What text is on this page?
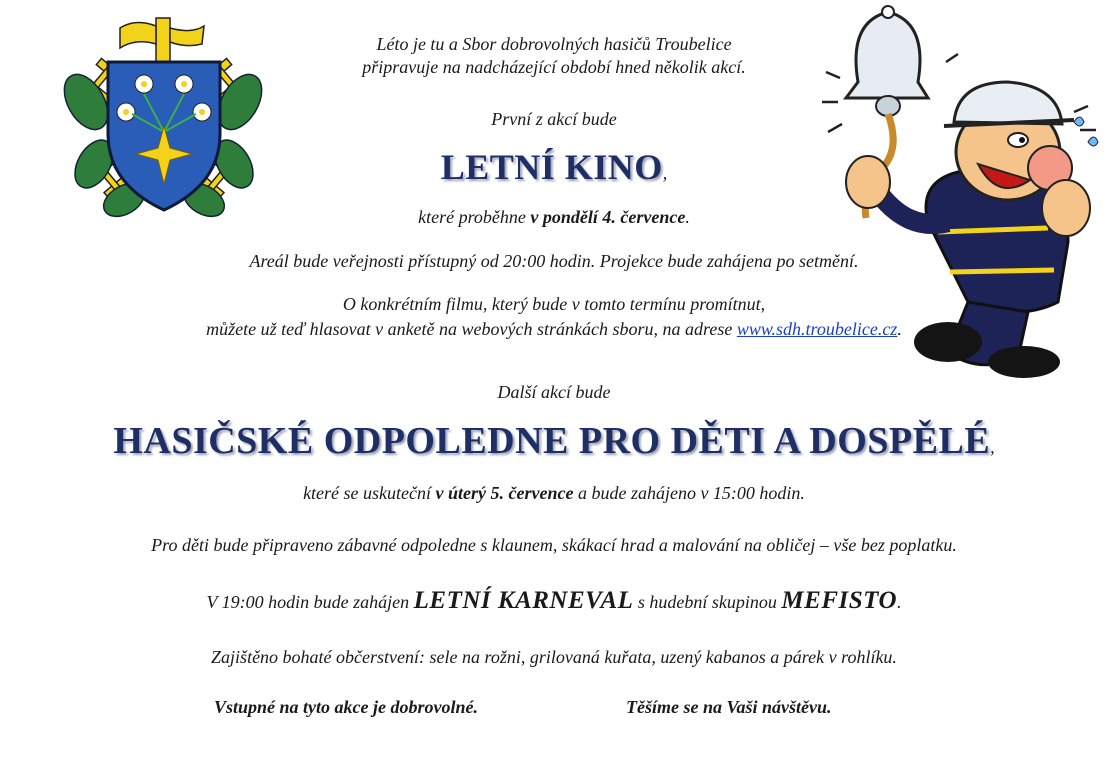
Léto je tu a Sbor dobrovolných hasičů Troubelice
připravuje na nadcházející období hned několik akcí.
První z akcí bude
LETNÍ KINO,
které proběhne v pondělí 4. července.
Areál bude veřejnosti přístupný od 20:00 hodin. Projekce bude zahájena po setmění.
O konkrétním filmu, který bude v tomto termínu promítnut,
můžete už teď hlasovat v anketě na webových stránkách sboru, na adrese www.sdh.troubelice.cz.
Další akcí bude
HASIČSKÉ ODPOLEDNE PRO DĚTI A DOSPĚLÉ,
které se uskuteční v úterý 5. července a bude zahájeno v 15:00 hodin.
Pro děti bude připraveno zábavné odpoledne s klaunem, skákací hrad a malování na obličej – vše bez poplatku.
V 19:00 hodin bude zahájen LETNÍ KARNEVAL s hudební skupinou MEFISTO.
Zajištěno bohaté občerstvení: sele na rožni, grilovaná kuřata, uzený kabanos a párek v rohlíku.
Vstupné na tyto akce je dobrovolné.	Těšíme se na Vaši návštěvu.
